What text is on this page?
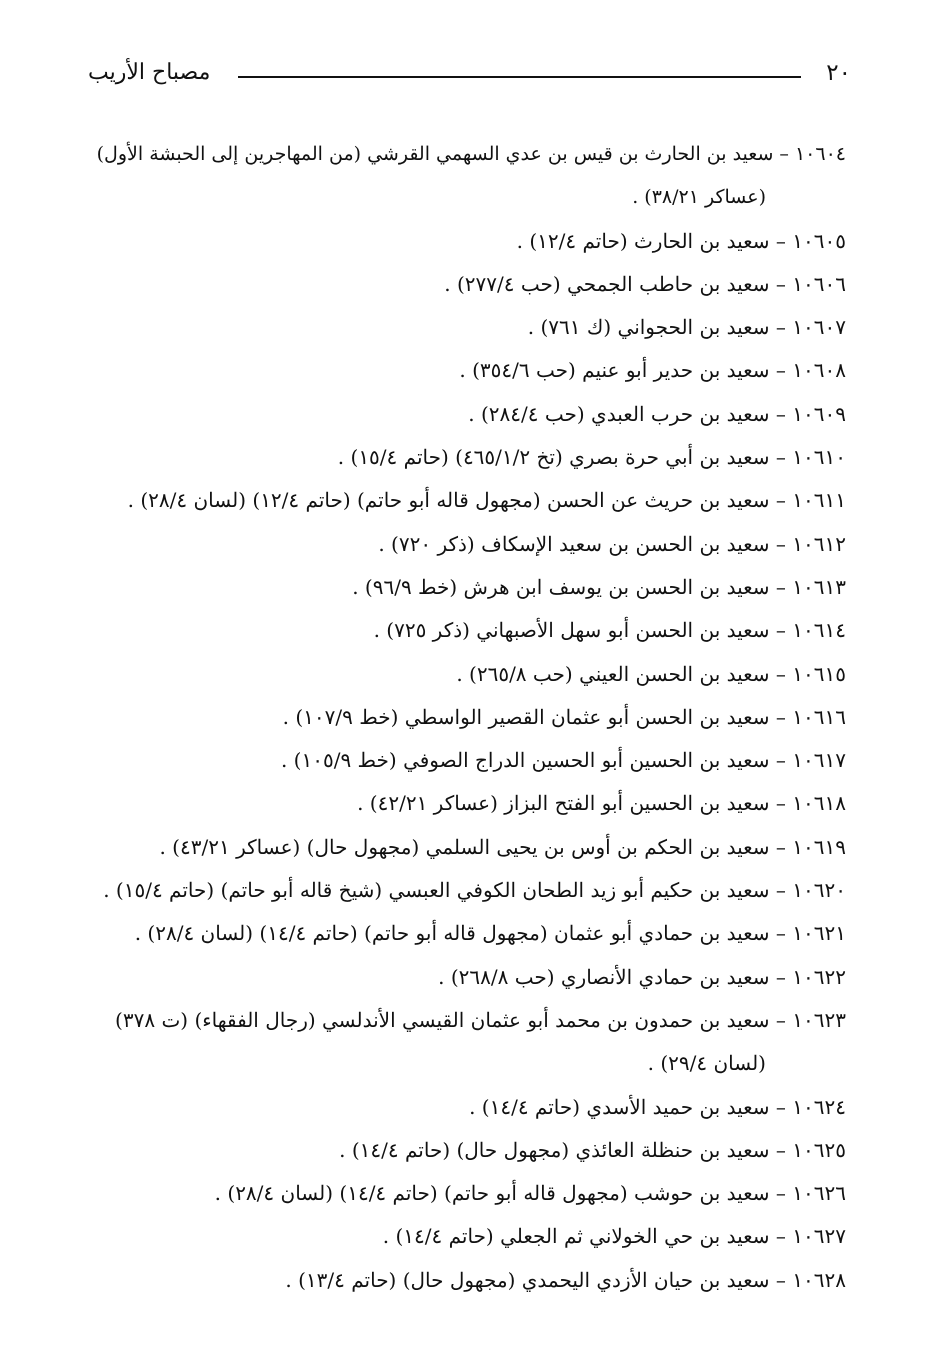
٢٠
مصباح الأريب
١٠٦٠٤ – سعيد بن الحارث بن قيس بن عدي السهمي القرشي (من المهاجرين إلى الحبشة الأول)
(عساكر ٣٨/٢١) .
١٠٦٠٥ – سعيد بن الحارث (حاتم ١٢/٤) .
١٠٦٠٦ – سعيد بن حاطب الجمحي (حب ٢٧٧/٤) .
١٠٦٠٧ – سعيد بن الحجواني (ك ٧٦١) .
١٠٦٠٨ – سعيد بن حدير أبو عنيم (حب ٣٥٤/٦) .
١٠٦٠٩ – سعيد بن حرب العبدي (حب ٢٨٤/٤) .
١٠٦١٠ – سعيد بن أبي حرة بصري (تخ ٤٦٥/١/٢) (حاتم ١٥/٤) .
١٠٦١١ – سعيد بن حريث عن الحسن (مجهول قاله أبو حاتم) (حاتم ١٢/٤) (لسان ٢٨/٤) .
١٠٦١٢ – سعيد بن الحسن بن سعيد الإسكاف (ذكر ٧٢٠) .
١٠٦١٣ – سعيد بن الحسن بن يوسف ابن هرش (خط ٩٦/٩) .
١٠٦١٤ – سعيد بن الحسن أبو سهل الأصبهاني (ذكر ٧٢٥) .
١٠٦١٥ – سعيد بن الحسن العيني (حب ٢٦٥/٨) .
١٠٦١٦ – سعيد بن الحسن أبو عثمان القصير الواسطي (خط ١٠٧/٩) .
١٠٦١٧ – سعيد بن الحسين أبو الحسين الدراج الصوفي (خط ١٠٥/٩) .
١٠٦١٨ – سعيد بن الحسين أبو الفتح البزاز (عساكر ٤٢/٢١) .
١٠٦١٩ – سعيد بن الحكم بن أوس بن يحيى السلمي (مجهول حال) (عساكر ٤٣/٢١) .
١٠٦٢٠ – سعيد بن حكيم أبو زيد الطحان الكوفي العبسي (شيخ قاله أبو حاتم) (حاتم ١٥/٤) .
١٠٦٢١ – سعيد بن حمادي أبو عثمان (مجهول قاله أبو حاتم) (حاتم ١٤/٤) (لسان ٢٨/٤) .
١٠٦٢٢ – سعيد بن حمادي الأنصاري (حب ٢٦٨/٨) .
١٠٦٢٣ – سعيد بن حمدون بن محمد أبو عثمان القيسي الأندلسي (رجال الفقهاء) (ت ٣٧٨)
(لسان ٢٩/٤) .
١٠٦٢٤ – سعيد بن حميد الأسدي (حاتم ١٤/٤) .
١٠٦٢٥ – سعيد بن حنظلة العائذي (مجهول حال) (حاتم ١٤/٤) .
١٠٦٢٦ – سعيد بن حوشب (مجهول قاله أبو حاتم) (حاتم ١٤/٤) (لسان ٢٨/٤) .
١٠٦٢٧ – سعيد بن حي الخولاني ثم الجعلي (حاتم ١٤/٤) .
١٠٦٢٨ – سعيد بن حيان الأزدي اليحمدي (مجهول حال) (حاتم ١٣/٤) .
